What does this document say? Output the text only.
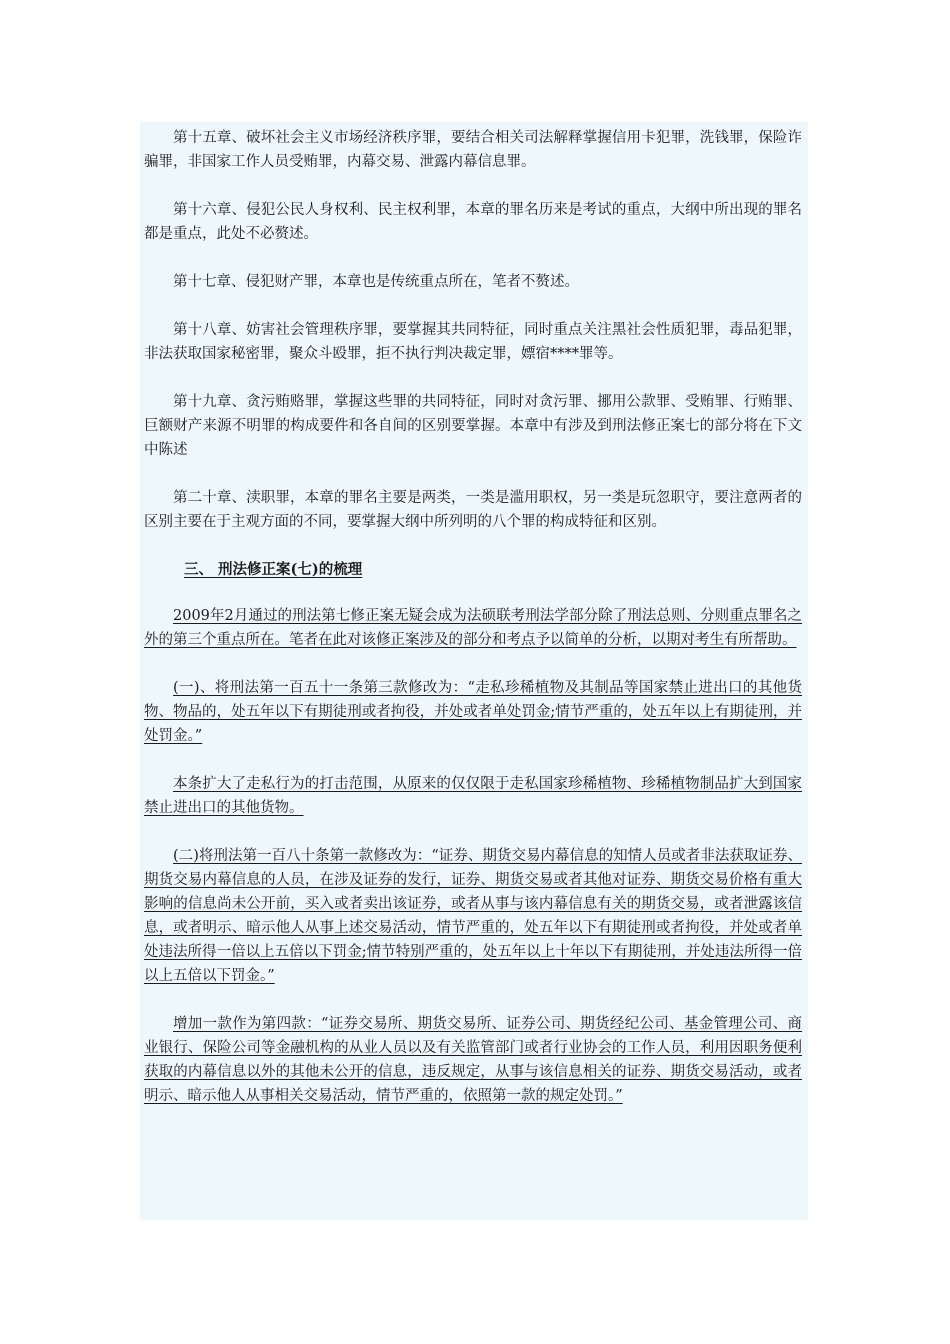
第十五章、破坏社会主义市场经济秩序罪，要结合相关司法解释掌握信用卡犯罪，洗钱罪，保险诈骗罪，非国家工作人员受贿罪，内幕交易、泄露内幕信息罪。

第十六章、侵犯公民人身权利、民主权利罪，本章的罪名历来是考试的重点，大纲中所出现的罪名都是重点，此处不必赘述。

第十七章、侵犯财产罪，本章也是传统重点所在，笔者不赘述。

第十八章、妨害社会管理秩序罪，要掌握其共同特征，同时重点关注黑社会性质犯罪，毒品犯罪，非法获取国家秘密罪，聚众斗殴罪，拒不执行判决裁定罪，嫖宿****罪等。

第十九章、贪污贿赂罪，掌握这些罪的共同特征，同时对贪污罪、挪用公款罪、受贿罪、行贿罪、巨额财产来源不明罪的构成要件和各自间的区别要掌握。本章中有涉及到刑法修正案七的部分将在下文中陈述

第二十章、渎职罪，本章的罪名主要是两类，一类是滥用职权，另一类是玩忽职守，要注意两者的区别主要在于主观方面的不同，要掌握大纲中所列明的八个罪的构成特征和区别。

三、 刑法修正案(七)的梳理

2009年2月通过的刑法第七修正案无疑会成为法硕联考刑法学部分除了刑法总则、分则重点罪名之外的第三个重点所在。笔者在此对该修正案涉及的部分和考点予以简单的分析，以期对考生有所帮助。

(一)、将刑法第一百五十一条第三款修改为：“走私珍稀植物及其制品等国家禁止进出口的其他货物、物品的，处五年以下有期徒刑或者拘役，并处或者单处罚金;情节严重的，处五年以上有期徒刑，并处罚金。”

本条扩大了走私行为的打击范围，从原来的仅仅限于走私国家珍稀植物、珍稀植物制品扩大到国家禁止进出口的其他货物。

(二)将刑法第一百八十条第一款修改为：“证券、期货交易内幕信息的知情人员或者非法获取证券、期货交易内幕信息的人员，在涉及证券的发行，证券、期货交易或者其他对证券、期货交易价格有重大影响的信息尚未公开前，买入或者卖出该证券，或者从事与该内幕信息有关的期货交易，或者泄露该信息，或者明示、暗示他人从事上述交易活动，情节严重的，处五年以下有期徒刑或者拘役，并处或者单处违法所得一倍以上五倍以下罚金;情节特别严重的，处五年以上十年以下有期徒刑，并处违法所得一倍以上五倍以下罚金。”

增加一款作为第四款：“证券交易所、期货交易所、证券公司、期货经纪公司、基金管理公司、商业银行、保险公司等金融机构的从业人员以及有关监管部门或者行业协会的工作人员，利用因职务便利获取的内幕信息以外的其他未公开的信息，违反规定，从事与该信息相关的证券、期货交易活动，或者明示、暗示他人从事相关交易活动，情节严重的，依照第一款的规定处罚。”
